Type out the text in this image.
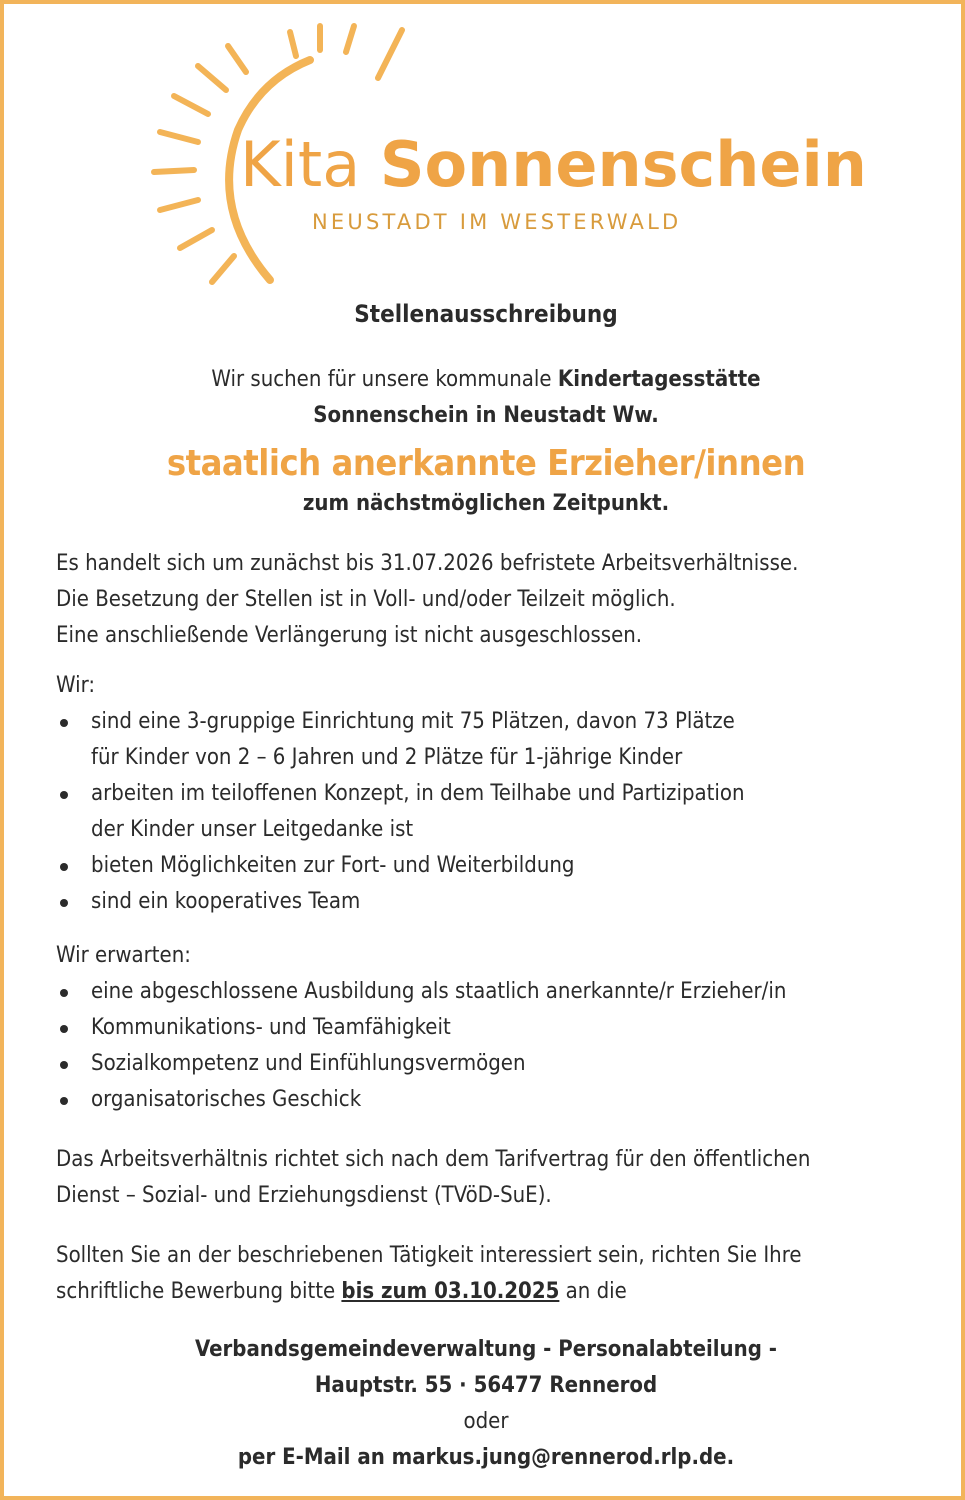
Kita Sonnenschein
NEUSTADT IM WESTERWALD
Stellenausschreibung
Wir suchen für unsere kommunale Kindertagesstätte
Sonnenschein in Neustadt Ww.
staatlich anerkannte Erzieher/innen
zum nächstmöglichen Zeitpunkt.
Es handelt sich um zunächst bis 31.07.2026 befristete Arbeitsverhältnisse.
Die Besetzung der Stellen ist in Voll- und/oder Teilzeit möglich.
Eine anschließende Verlängerung ist nicht ausgeschlossen.
Wir:
sind eine 3-gruppige Einrichtung mit 75 Plätzen, davon 73 Plätze
für Kinder von 2 – 6 Jahren und 2 Plätze für 1-jährige Kinder
arbeiten im teiloffenen Konzept, in dem Teilhabe und Partizipation
der Kinder unser Leitgedanke ist
bieten Möglichkeiten zur Fort- und Weiterbildung
sind ein kooperatives Team
Wir erwarten:
eine abgeschlossene Ausbildung als staatlich anerkannte/r Erzieher/in
Kommunikations- und Teamfähigkeit
Sozialkompetenz und Einfühlungsvermögen
organisatorisches Geschick
Das Arbeitsverhältnis richtet sich nach dem Tarifvertrag für den öffentlichen
Dienst – Sozial- und Erziehungsdienst (TVöD-SuE).
Sollten Sie an der beschriebenen Tätigkeit interessiert sein, richten Sie Ihre
schriftliche Bewerbung bitte bis zum 03.10.2025 an die
Verbandsgemeindeverwaltung - Personalabteilung -
Hauptstr. 55 · 56477 Rennerod
oder
per E-Mail an markus.jung@rennerod.rlp.de.
